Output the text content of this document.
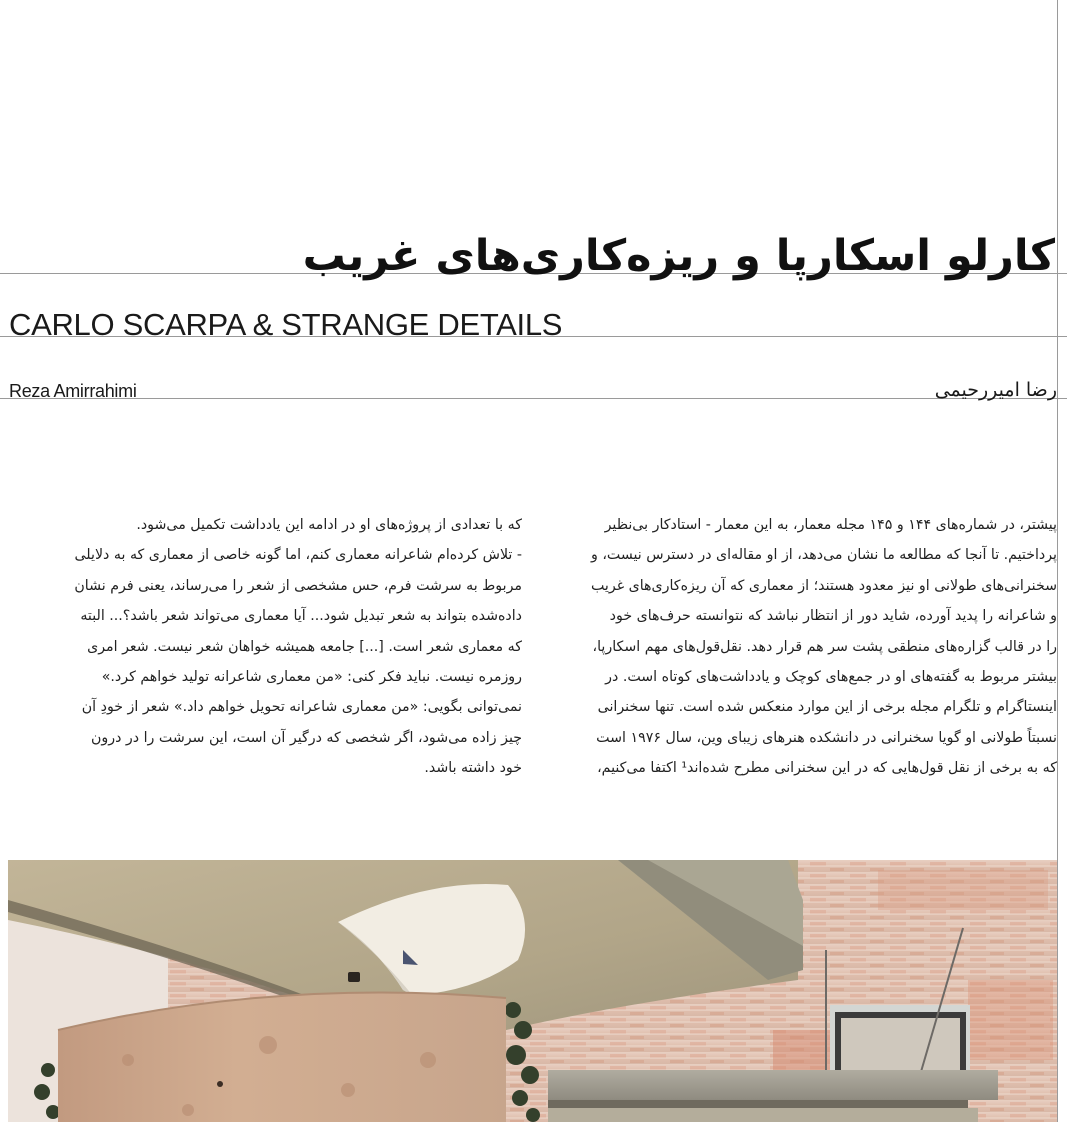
کارلو اسکارپا و ریزه‌کاری‌های غریب
CARLO SCARPA & STRANGE DETAILS
Reza Amirrahimi	رضا امیررحیمی
پیشتر، در شماره‌های ۱۴۴ و ۱۴۵ مجله معمار، به این معمار - استادکار بی‌نظیر
پرداختیم. تا آنجا که مطالعه ما نشان می‌دهد، از او مقاله‌ای در دسترس نیست، و
سخنرانی‌های طولانی او نیز معدود هستند؛ از معماری که آن ریزه‌کاری‌های غریب
و شاعرانه را پدید آورده، شاید دور از انتظار نباشد که نتوانسته حرف‌های خود
را در قالب گزاره‌های منطقی پشت سر هم قرار دهد. نقل‌قول‌های مهم اسکارپا،
بیشتر مربوط به گفته‌های او در جمع‌های کوچک و یادداشت‌های کوتاه است. در
اینستاگرام و تلگرام مجله برخی از این موارد منعکس شده است. تنها سخنرانی
نسبتاً طولانی او گویا سخنرانی در دانشکده هنرهای زیبای وین، سال ۱۹۷۶ است
که به برخی از نقل قول‌هایی که در این سخنرانی مطرح شده‌اند¹ اکتفا می‌کنیم،
که با تعدادی از پروژه‌های او در ادامه این یادداشت تکمیل می‌شود.
- تلاش کرده‌ام شاعرانه معماری کنم، اما گونه خاصی از معماری که به دلایلی
مربوط به سرشت فرم، حس مشخصی از شعر را می‌رساند، یعنی فرم نشان
داده‌شده بتواند به شعر تبدیل شود... آیا معماری می‌تواند شعر باشد؟... البته
که معماری شعر است. [...] جامعه همیشه خواهان شعر نیست. شعر امری
روزمره نیست. نباید فکر کنی: «من معماری شاعرانه تولید خواهم کرد.»
نمی‌توانی بگویی: «من معماری شاعرانه تحویل خواهم داد.» شعر از خودِ آن
چیز زاده می‌شود، اگر شخصی که درگیر آن است، این سرشت را در درون
خود داشته باشد.
